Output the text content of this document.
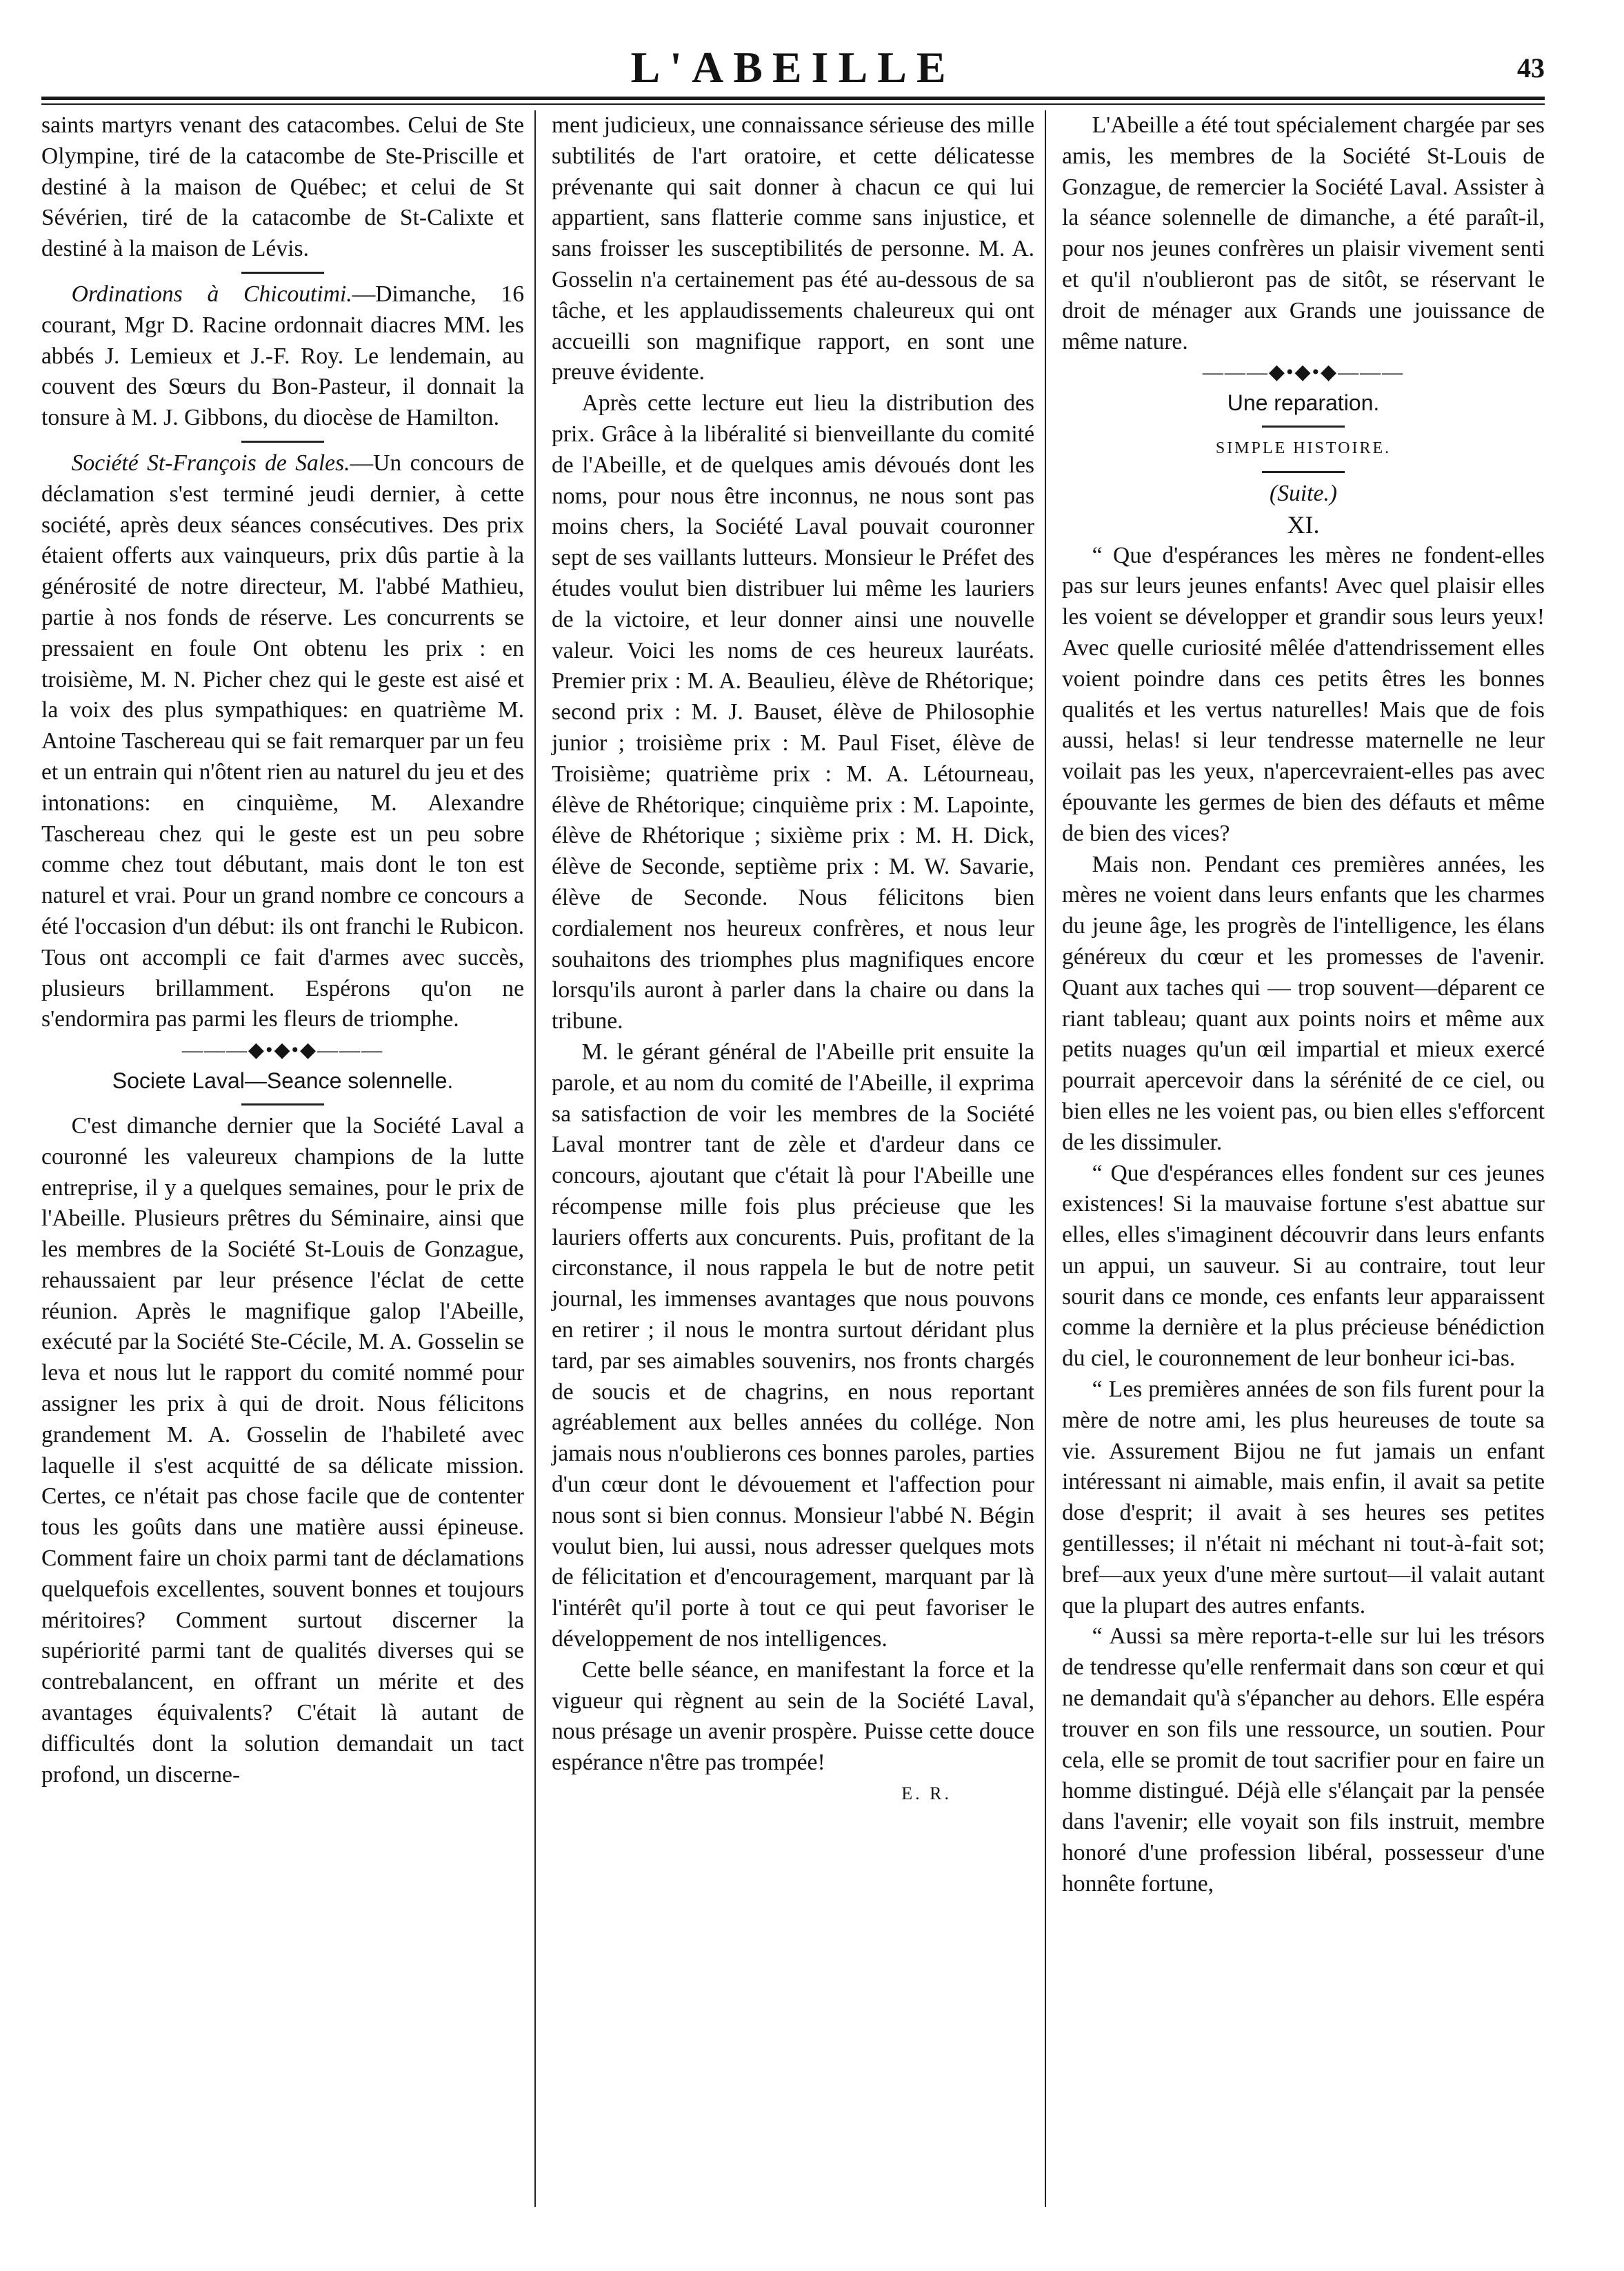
L'ABEILLE	43

saints martyrs venant des catacombes. Celui de Ste Olympine, tiré de la catacombe de Ste-Priscille et destiné à la maison de Québec; et celui de St Sévérien, tiré de la catacombe de St-Calixte et destiné à la maison de Lévis.

Ordinations à Chicoutimi.—Dimanche, 16 courant, Mgr D. Racine ordonnait diacres MM. les abbés J. Lemieux et J.-F. Roy. Le lendemain, au couvent des Sœurs du Bon-Pasteur, il donnait la tonsure à M. J. Gibbons, du diocèse de Hamilton.

Société St-François de Sales.—Un concours de déclamation s'est terminé jeudi dernier, à cette société, après deux séances consécutives. Des prix étaient offerts aux vainqueurs, prix dûs partie à la générosité de notre directeur, M. l'abbé Mathieu, partie à nos fonds de réserve. Les concurrents se pressaient en foule Ont obtenu les prix : en troisième, M. N. Picher chez qui le geste est aisé et la voix des plus sympathiques: en quatrième M. Antoine Taschereau qui se fait remarquer par un feu et un entrain qui n'ôtent rien au naturel du jeu et des intonations: en cinquième, M. Alexandre Taschereau chez qui le geste est un peu sobre comme chez tout débutant, mais dont le ton est naturel et vrai. Pour un grand nombre ce concours a été l'occasion d'un début: ils ont franchi le Rubicon. Tous ont accompli ce fait d'armes avec succès, plusieurs brillamment. Espérons qu'on ne s'endormira pas parmi les fleurs de triomphe.

———◆•◆•◆———

Societe Laval—Seance solennelle.

C'est dimanche dernier que la Société Laval a couronné les valeureux champions de la lutte entreprise, il y a quelques semaines, pour le prix de l'Abeille. Plusieurs prêtres du Séminaire, ainsi que les membres de la Société St-Louis de Gonzague, rehaussaient par leur présence l'éclat de cette réunion. Après le magnifique galop l'Abeille, exécuté par la Société Ste-Cécile, M. A. Gosselin se leva et nous lut le rapport du comité nommé pour assigner les prix à qui de droit. Nous félicitons grandement M. A. Gosselin de l'habileté avec laquelle il s'est acquitté de sa délicate mission. Certes, ce n'était pas chose facile que de contenter tous les goûts dans une matière aussi épineuse. Comment faire un choix parmi tant de déclamations quelquefois excellentes, souvent bonnes et toujours méritoires? Comment surtout discerner la supériorité parmi tant de qualités diverses qui se contrebalancent, en offrant un mérite et des avantages équivalents? C'était là autant de difficultés dont la solution demandait un tact profond, un discerne-

ment judicieux, une connaissance sérieuse des mille subtilités de l'art oratoire, et cette délicatesse prévenante qui sait donner à chacun ce qui lui appartient, sans flatterie comme sans injustice, et sans froisser les susceptibilités de personne. M. A. Gosselin n'a certainement pas été au-dessous de sa tâche, et les applaudissements chaleureux qui ont accueilli son magnifique rapport, en sont une preuve évidente.

Après cette lecture eut lieu la distribution des prix. Grâce à la libéralité si bienveillante du comité de l'Abeille, et de quelques amis dévoués dont les noms, pour nous être inconnus, ne nous sont pas moins chers, la Société Laval pouvait couronner sept de ses vaillants lutteurs. Monsieur le Préfet des études voulut bien distribuer lui même les lauriers de la victoire, et leur donner ainsi une nouvelle valeur. Voici les noms de ces heureux lauréats. Premier prix : M. A. Beaulieu, élève de Rhétorique; second prix : M. J. Bauset, élève de Philosophie junior ; troisième prix : M. Paul Fiset, élève de Troisième; quatrième prix : M. A. Létourneau, élève de Rhétorique; cinquième prix : M. Lapointe, élève de Rhétorique ; sixième prix : M. H. Dick, élève de Seconde, septième prix : M. W. Savarie, élève de Seconde. Nous félicitons bien cordialement nos heureux confrères, et nous leur souhaitons des triomphes plus magnifiques encore lorsqu'ils auront à parler dans la chaire ou dans la tribune.

M. le gérant général de l'Abeille prit ensuite la parole, et au nom du comité de l'Abeille, il exprima sa satisfaction de voir les membres de la Société Laval montrer tant de zèle et d'ardeur dans ce concours, ajoutant que c'était là pour l'Abeille une récompense mille fois plus précieuse que les lauriers offerts aux concurents. Puis, profitant de la circonstance, il nous rappela le but de notre petit journal, les immenses avantages que nous pouvons en retirer ; il nous le montra surtout déridant plus tard, par ses aimables souvenirs, nos fronts chargés de soucis et de chagrins, en nous reportant agréablement aux belles années du collége. Non jamais nous n'oublierons ces bonnes paroles, parties d'un cœur dont le dévouement et l'affection pour nous sont si bien connus. Monsieur l'abbé N. Bégin voulut bien, lui aussi, nous adresser quelques mots de félicitation et d'encouragement, marquant par là l'intérêt qu'il porte à tout ce qui peut favoriser le développement de nos intelligences.

Cette belle séance, en manifestant la force et la vigueur qui règnent au sein de la Société Laval, nous présage un avenir prospère. Puisse cette douce espérance n'être pas trompée!

E. R.

L'Abeille a été tout spécialement chargée par ses amis, les membres de la Société St-Louis de Gonzague, de remercier la Société Laval. Assister à la séance solennelle de dimanche, a été paraît-il, pour nos jeunes confrères un plaisir vivement senti et qu'il n'oublieront pas de sitôt, se réservant le droit de ménager aux Grands une jouissance de même nature.

———◆•◆•◆———

Une reparation.

SIMPLE HISTOIRE.

(Suite.)

XI.

“ Que d'espérances les mères ne fondent-elles pas sur leurs jeunes enfants! Avec quel plaisir elles les voient se développer et grandir sous leurs yeux! Avec quelle curiosité mêlée d'attendrissement elles voient poindre dans ces petits êtres les bonnes qualités et les vertus naturelles! Mais que de fois aussi, helas! si leur tendresse maternelle ne leur voilait pas les yeux, n'apercevraient-elles pas avec épouvante les germes de bien des défauts et même de bien des vices?

Mais non. Pendant ces premières années, les mères ne voient dans leurs enfants que les charmes du jeune âge, les progrès de l'intelligence, les élans généreux du cœur et les promesses de l'avenir. Quant aux taches qui — trop souvent—déparent ce riant tableau; quant aux points noirs et même aux petits nuages qu'un œil impartial et mieux exercé pourrait apercevoir dans la sérénité de ce ciel, ou bien elles ne les voient pas, ou bien elles s'efforcent de les dissimuler.

“ Que d'espérances elles fondent sur ces jeunes existences! Si la mauvaise fortune s'est abattue sur elles, elles s'imaginent découvrir dans leurs enfants un appui, un sauveur. Si au contraire, tout leur sourit dans ce monde, ces enfants leur apparaissent comme la dernière et la plus précieuse bénédiction du ciel, le couronnement de leur bonheur ici-bas.

“ Les premières années de son fils furent pour la mère de notre ami, les plus heureuses de toute sa vie. Assurement Bijou ne fut jamais un enfant intéressant ni aimable, mais enfin, il avait sa petite dose d'esprit; il avait à ses heures ses petites gentillesses; il n'était ni méchant ni tout-à-fait sot; bref—aux yeux d'une mère surtout—il valait autant que la plupart des autres enfants.

“ Aussi sa mère reporta-t-elle sur lui les trésors de tendresse qu'elle renfermait dans son cœur et qui ne demandait qu'à s'épancher au dehors. Elle espéra trouver en son fils une ressource, un soutien. Pour cela, elle se promit de tout sacrifier pour en faire un homme distingué. Déjà elle s'élançait par la pensée dans l'avenir; elle voyait son fils instruit, membre honoré d'une profession libéral, possesseur d'une honnête fortune,
